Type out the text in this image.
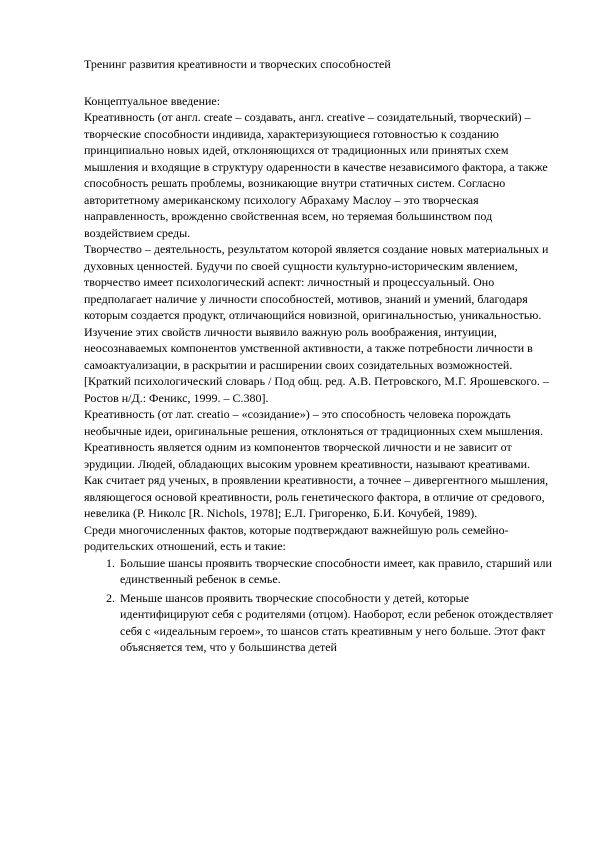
Тренинг развития креативности и творческих способностей
Концептуальное введение:

Креативность (от англ. create – создавать, англ. creative – созидательный, творческий) – творческие способности индивида, характеризующиеся готовностью к созданию принципиально новых идей, отклоняющихся от традиционных или принятых схем мышления и входящие в структуру одаренности в качестве независимого фактора, а также способность решать проблемы, возникающие внутри статичных систем. Согласно авторитетному американскому психологу Абрахаму Маслоу – это творческая направленность, врожденно свойственная всем, но теряемая большинством под воздействием среды.

Творчество – деятельность, результатом которой является создание новых материальных и духовных ценностей. Будучи по своей сущности культурно-историческим явлением, творчество имеет психологический аспект: личностный и процессуальный. Оно предполагает наличие у личности способностей, мотивов, знаний и умений, благодаря которым создается продукт, отличающийся новизной, оригинальностью, уникальностью. Изучение этих свойств личности выявило важную роль воображения, интуиции, неосознаваемых компонентов умственной активности, а также потребности личности в самоактуализации, в раскрытии и расширении своих созидательных возможностей. [Краткий психологический словарь / Под общ. ред. А.В. Петровского, М.Г. Ярошевского. – Ростов н/Д.: Феникс, 1999. – С.380].

Креативность (от лат. creatio – «созидание») – это способность человека порождать необычные идеи, оригинальные решения, отклоняться от традиционных схем мышления. Креативность является одним из компонентов творческой личности и не зависит от эрудиции. Людей, обладающих высоким уровнем креативности, называют креативами.

Как считает ряд ученых, в проявлении креативности, а точнее – дивергентного мышления, являющегося основой креативности, роль генетического фактора, в отличие от средового, невелика (Р. Николс [R. Nichols, 1978]; Е.Л. Григоренко, Б.И. Кочубей, 1989).

Среди многочисленных фактов, которые подтверждают важнейшую роль семейно-родительских отношений, есть и такие:

1. Большие шансы проявить творческие способности имеет, как правило, старший или единственный ребенок в семье.
2. Меньше шансов проявить творческие способности у детей, которые идентифицируют себя с родителями (отцом). Наоборот, если ребенок отождествляет себя с «идеальным героем», то шансов стать креативным у него больше. Этот факт объясняется тем, что у большинства детей
